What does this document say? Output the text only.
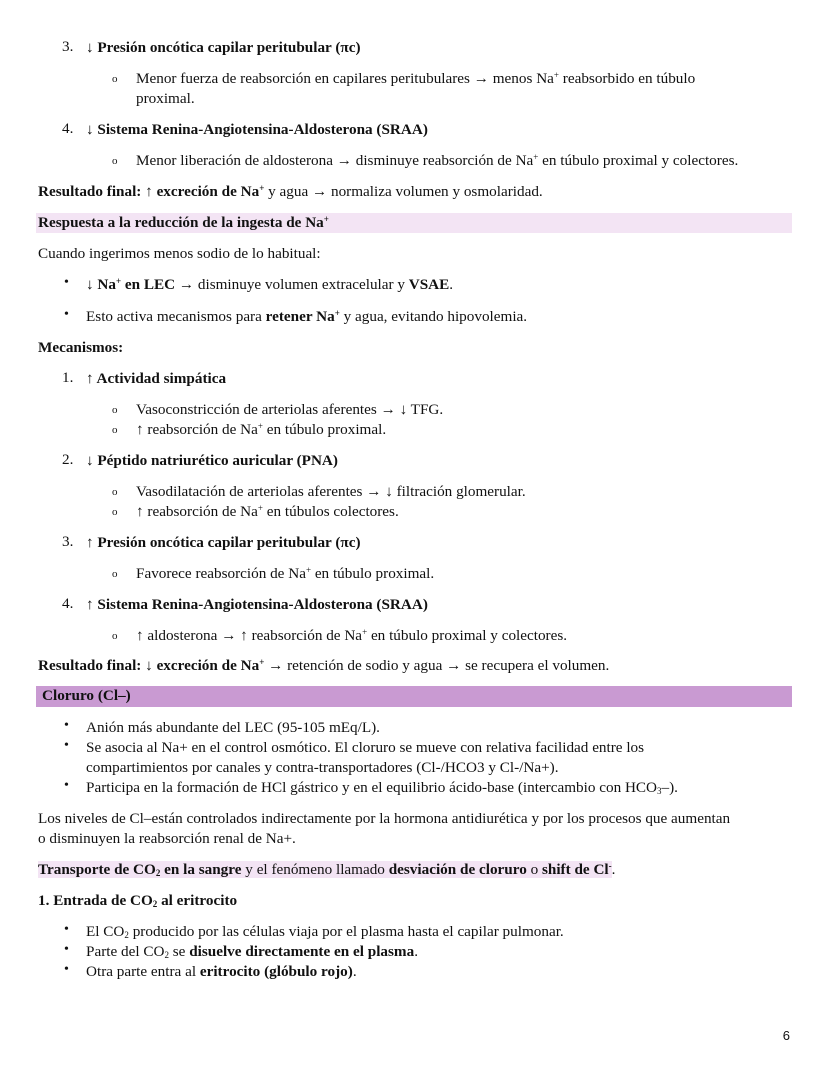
3. ↓ Presión oncótica capilar peritubular (πc)
o Menor fuerza de reabsorción en capilares peritubulares → menos Na+ reabsorbido en túbulo
proximal.
4. ↓ Sistema Renina-Angiotensina-Aldosterona (SRAA)
o Menor liberación de aldosterona → disminuye reabsorción de Na+ en túbulo proximal y colectores.
Resultado final: ↑ excreción de Na+ y agua → normaliza volumen y osmolaridad.
Respuesta a la reducción de la ingesta de Na+
Cuando ingerimos menos sodio de lo habitual:
• ↓ Na+ en LEC → disminuye volumen extracelular y VSAE.
• Esto activa mecanismos para retener Na+ y agua, evitando hipovolemia.
Mecanismos:
1. ↑ Actividad simpática
o Vasoconstricción de arteriolas aferentes → ↓ TFG.
o ↑ reabsorción de Na+ en túbulo proximal.
2. ↓ Péptido natriurético auricular (PNA)
o Vasodilatación de arteriolas aferentes → ↓ filtración glomerular.
o ↑ reabsorción de Na+ en túbulos colectores.
3. ↑ Presión oncótica capilar peritubular (πc)
o Favorece reabsorción de Na+ en túbulo proximal.
4. ↑ Sistema Renina-Angiotensina-Aldosterona (SRAA)
o ↑ aldosterona → ↑ reabsorción de Na+ en túbulo proximal y colectores.
Resultado final: ↓ excreción de Na+ → retención de sodio y agua → se recupera el volumen.
Cloruro (Cl–)
• Anión más abundante del LEC (95-105 mEq/L).
• Se asocia al Na+ en el control osmótico. El cloruro se mueve con relativa facilidad entre los
compartimientos por canales y contra-transportadores (Cl-/HCO3 y Cl-/Na+).
• Participa en la formación de HCl gástrico y en el equilibrio ácido-base (intercambio con $HCO_3-$).
Los niveles de Cl–están controlados indirectamente por la hormona antidiurética y por los procesos que aumentan
o disminuyen la reabsorción renal de Na+.
Transporte de $CO_2$ en la sangre y el fenómeno llamado desviación de cloruro o shift de Cl-.
1. Entrada de $CO_2$ al eritrocito
• El $CO_2$ producido por las células viaja por el plasma hasta el capilar pulmonar.
• Parte del $CO_2$ se disuelve directamente en el plasma.
• Otra parte entra al eritrocito (glóbulo rojo).
6
